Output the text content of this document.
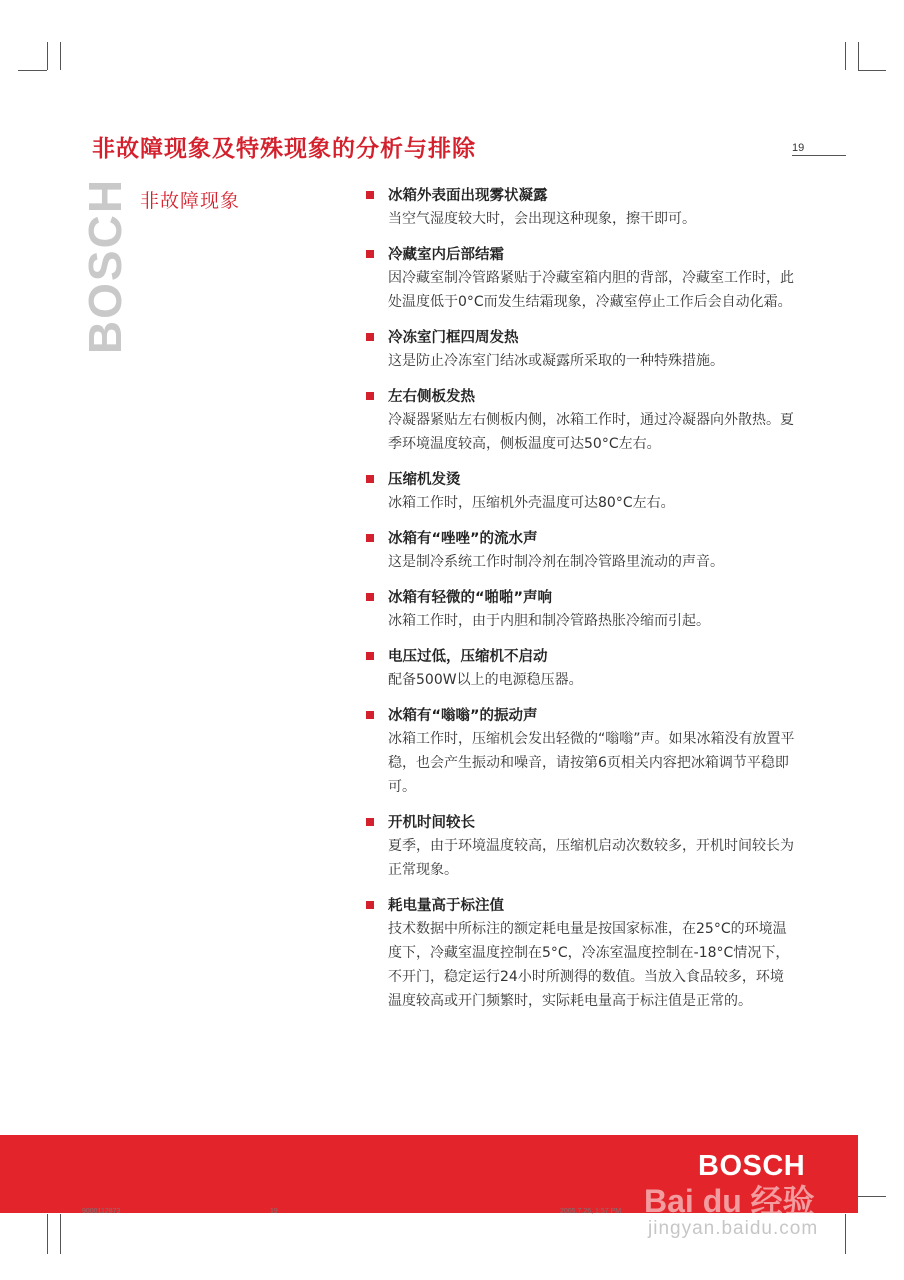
非故障现象及特殊现象的分析与排除	19
BOSCH 非故障现象	冰箱外表面出现雾状凝露
当空气湿度较大时，会出现这种现象，擦干即可。
冷藏室内后部结霜
因冷藏室制冷管路紧贴于冷藏室箱内胆的背部，冷藏室工作时，此处温度低于0°C而发生结霜现象，冷藏室停止工作后会自动化霜。
冷冻室门框四周发热
这是防止冷冻室门结冰或凝露所采取的一种特殊措施。
左右侧板发热
冷凝器紧贴左右侧板内侧，冰箱工作时，通过冷凝器向外散热。夏季环境温度较高，侧板温度可达50°C左右。
压缩机发烫
冰箱工作时，压缩机外壳温度可达80°C左右。
冰箱有“唑唑”的流水声
这是制冷系统工作时制冷剂在制冷管路里流动的声音。
冰箱有轻微的“啪啪”声响
冰箱工作时，由于内胆和制冷管路热胀冷缩而引起。
电压过低，压缩机不启动
配备500W以上的电源稳压器。
冰箱有“嗡嗡”的振动声
冰箱工作时，压缩机会发出轻微的“嗡嗡”声。如果冰箱没有放置平稳，也会产生振动和噪音，请按第6页相关内容把冰箱调节平稳即可。
开机时间较长
夏季，由于环境温度较高，压缩机启动次数较多，开机时间较长为正常现象。
耗电量高于标注值
技术数据中所标注的额定耗电量是按国家标准，在25°C的环境温度下，冷藏室温度控制在5°C，冷冻室温度控制在-18°C情况下，不开门，稳定运行24小时所测得的数值。当放入食品较多，环境温度较高或开门频繁时，实际耗电量高于标注值是正常的。
BOSCH
9000112873	19	2005.7.26, 1:57 PM Bai du 经验
jingyan.baidu.com
